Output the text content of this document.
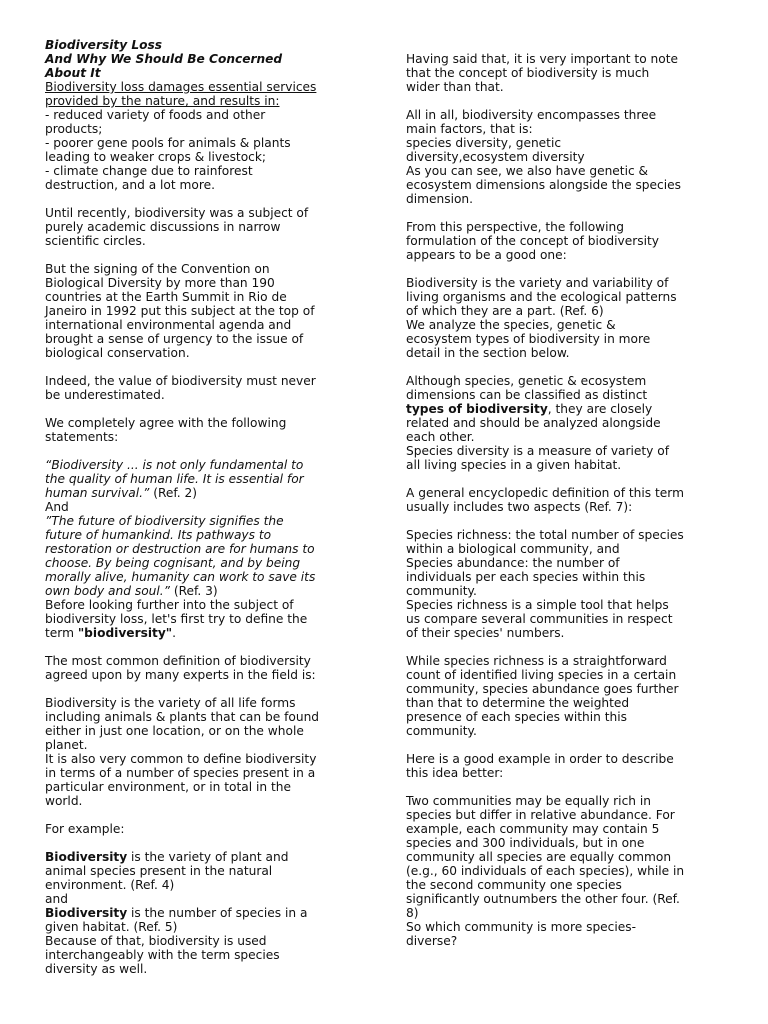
Biodiversity Loss
And Why We Should Be Concerned
About It
Biodiversity loss damages essential services
provided by the nature, and results in:
- reduced variety of foods and other
products;
- poorer gene pools for animals & plants
leading to weaker crops & livestock;
- climate change due to rainforest
destruction, and a lot more.
Until recently, biodiversity was a subject of
purely academic discussions in narrow
scientific circles.
But the signing of the Convention on
Biological Diversity by more than 190
countries at the Earth Summit in Rio de
Janeiro in 1992 put this subject at the top of
international environmental agenda and
brought a sense of urgency to the issue of
biological conservation.
Indeed, the value of biodiversity must never
be underestimated.
We completely agree with the following
statements:
“Biodiversity ... is not only fundamental to
the quality of human life. It is essential for
human survival.” (Ref. 2)
And
”The future of biodiversity signifies the
future of humankind. Its pathways to
restoration or destruction are for humans to
choose. By being cognisant, and by being
morally alive, humanity can work to save its
own body and soul.” (Ref. 3)
Before looking further into the subject of
biodiversity loss, let's first try to define the
term "biodiversity".
The most common definition of biodiversity
agreed upon by many experts in the field is:
Biodiversity is the variety of all life forms
including animals & plants that can be found
either in just one location, or on the whole
planet.
It is also very common to define biodiversity
in terms of a number of species present in a
particular environment, or in total in the
world.
For example:
Biodiversity is the variety of plant and
animal species present in the natural
environment. (Ref. 4)
and
Biodiversity is the number of species in a
given habitat. (Ref. 5)
Because of that, biodiversity is used
interchangeably with the term species
diversity as well.
Having said that, it is very important to note
that the concept of biodiversity is much
wider than that.
All in all, biodiversity encompasses three
main factors, that is:
species diversity, genetic
diversity,ecosystem diversity
As you can see, we also have genetic &
ecosystem dimensions alongside the species
dimension.
From this perspective, the following
formulation of the concept of biodiversity
appears to be a good one:
Biodiversity is the variety and variability of
living organisms and the ecological patterns
of which they are a part. (Ref. 6)
We analyze the species, genetic &
ecosystem types of biodiversity in more
detail in the section below.
Although species, genetic & ecosystem
dimensions can be classified as distinct
types of biodiversity, they are closely
related and should be analyzed alongside
each other.
Species diversity is a measure of variety of
all living species in a given habitat.
A general encyclopedic definition of this term
usually includes two aspects (Ref. 7):
Species richness: the total number of species
within a biological community, and
Species abundance: the number of
individuals per each species within this
community.
Species richness is a simple tool that helps
us compare several communities in respect
of their species' numbers.
While species richness is a straightforward
count of identified living species in a certain
community, species abundance goes further
than that to determine the weighted
presence of each species within this
community.
Here is a good example in order to describe
this idea better:
Two communities may be equally rich in
species but differ in relative abundance. For
example, each community may contain 5
species and 300 individuals, but in one
community all species are equally common
(e.g., 60 individuals of each species), while in
the second community one species
significantly outnumbers the other four. (Ref.
8)
So which community is more species-
diverse?
